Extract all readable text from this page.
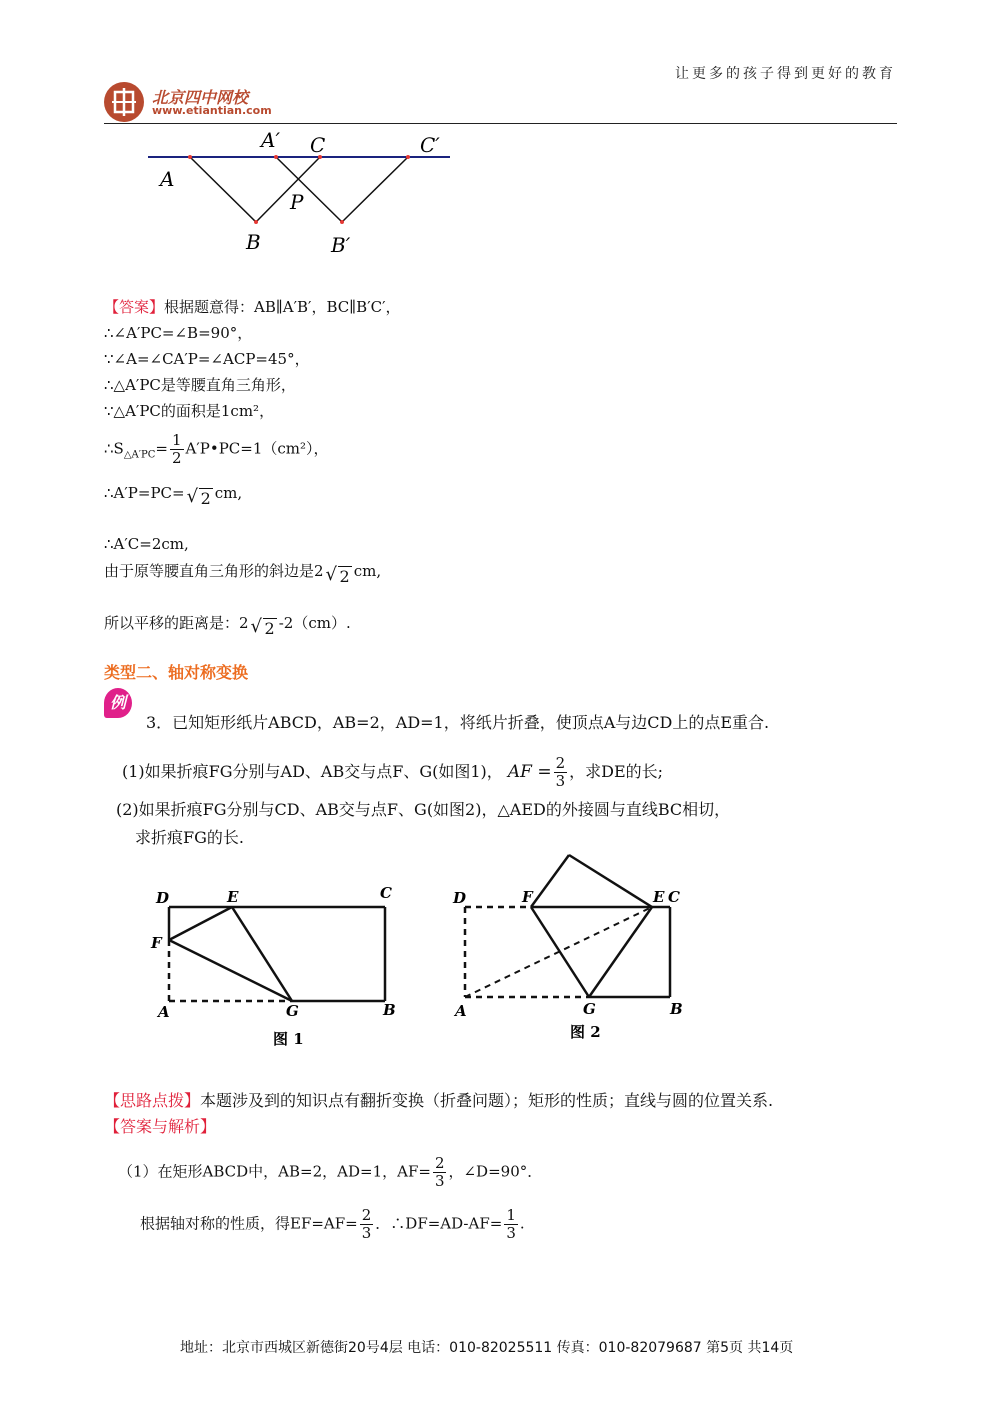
让更多的孩子得到更好的教育
北京四中网校
www.etiantian.com
A
A′ C	C′
P
B	B′
【答案】根据题意得：AB∥A′B′，BC∥B′C′，
∴∠A′PC=∠B=90°，
∵∠A=∠CA′P=∠ACP=45°，
∴△A′PC是等腰直角三角形，
∵△A′PC的面积是1cm²，
$\therefore S_{\triangle A'PC}= \frac{1}{2}$ A′P•PC=1（cm²），
∴A′P=PC= √ 2 cm,
∴A′C=2cm,
由于原等腰直角三角形的斜边是2 √ 2 cm,
所以平移的距离是：2 √ 2 -2（cm）.
类型二、轴对称变换
例
3．已知矩形纸片ABCD，AB=2，AD=1，将纸片折叠，使顶点A与边CD上的点E重合.
(1)如果折痕FG分别与AD、AB交与点F、G(如图1)， AF = $\frac{2}{3}$ ，求DE的长;
(2)如果折痕FG分别与CD、AB交与点F、G(如图2)，△AED的外接圆与直线BC相切，
求折痕FG的长.
D	E	C
F
A	G	B
图 1
D	F	E C
A	G	B
图 2
【思路点拨】本题涉及到的知识点有翻折变换（折叠问题）；矩形的性质；直线与圆的位置关系.
【答案与解析】
（1）在矩形ABCD中，AB=2，AD=1，$AF= \frac{2}{3}$ ，∠D=90°．
根据轴对称的性质，得$EF=AF= \frac{2}{3}$ ．∴DF=AD-AF= $\frac{1}{3}$ .
地址：北京市西城区新德街20号4层 电话：010-82025511 传真：010-82079687 第5页 共14页
